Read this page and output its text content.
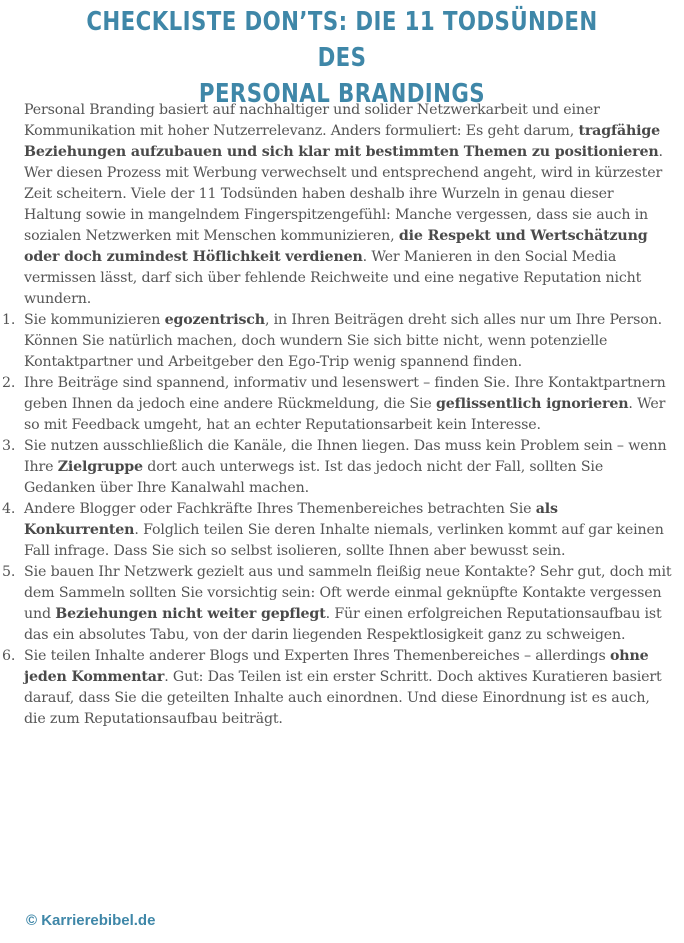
CHECKLISTE DON’TS: DIE 11 TODSÜNDEN DES
PERSONAL BRANDINGS

Personal Branding basiert auf nachhaltiger und solider Netzwerkarbeit und einer Kommunikation mit hoher Nutzerrelevanz. Anders formuliert: Es geht darum, tragfähige Beziehungen aufzubauen und sich klar mit bestimmten Themen zu positionieren. Wer diesen Prozess mit Werbung verwechselt und entsprechend angeht, wird in kürzester Zeit scheitern. Viele der 11 Todsünden haben deshalb ihre Wurzeln in genau dieser Haltung sowie in mangelndem Fingerspitzengefühl: Manche vergessen, dass sie auch in sozialen Netzwerken mit Menschen kommunizieren, die Respekt und Wertschätzung oder doch zumindest Höflichkeit verdienen. Wer Manieren in den Social Media vermissen lässt, darf sich über fehlende Reichweite und eine negative Reputation nicht wundern.

1. Sie kommunizieren egozentrisch, in Ihren Beiträgen dreht sich alles nur um Ihre Person. Können Sie natürlich machen, doch wundern Sie sich bitte nicht, wenn potenzielle Kontaktpartner und Arbeitgeber den Ego-Trip wenig spannend finden.

2. Ihre Beiträge sind spannend, informativ und lesenswert – finden Sie. Ihre Kontaktpartnern geben Ihnen da jedoch eine andere Rückmeldung, die Sie geflissentlich ignorieren. Wer so mit Feedback umgeht, hat an echter Reputationsarbeit kein Interesse.

3. Sie nutzen ausschließlich die Kanäle, die Ihnen liegen. Das muss kein Problem sein – wenn Ihre Zielgruppe dort auch unterwegs ist. Ist das jedoch nicht der Fall, sollten Sie Gedanken über Ihre Kanalwahl machen.

4. Andere Blogger oder Fachkräfte Ihres Themenbereiches betrachten Sie als Konkurrenten. Folglich teilen Sie deren Inhalte niemals, verlinken kommt auf gar keinen Fall infrage. Dass Sie sich so selbst isolieren, sollte Ihnen aber bewusst sein.

5. Sie bauen Ihr Netzwerk gezielt aus und sammeln fleißig neue Kontakte? Sehr gut, doch mit dem Sammeln sollten Sie vorsichtig sein: Oft werde einmal geknüpfte Kontakte vergessen und Beziehungen nicht weiter gepflegt. Für einen erfolgreichen Reputationsaufbau ist das ein absolutes Tabu, von der darin liegenden Respektlosigkeit ganz zu schweigen.

6. Sie teilen Inhalte anderer Blogs und Experten Ihres Themenbereiches – allerdings ohne jeden Kommentar. Gut: Das Teilen ist ein erster Schritt. Doch aktives Kuratieren basiert darauf, dass Sie die geteilten Inhalte auch einordnen. Und diese Einordnung ist es auch, die zum Reputationsaufbau beiträgt.

© Karrierebibel.de
